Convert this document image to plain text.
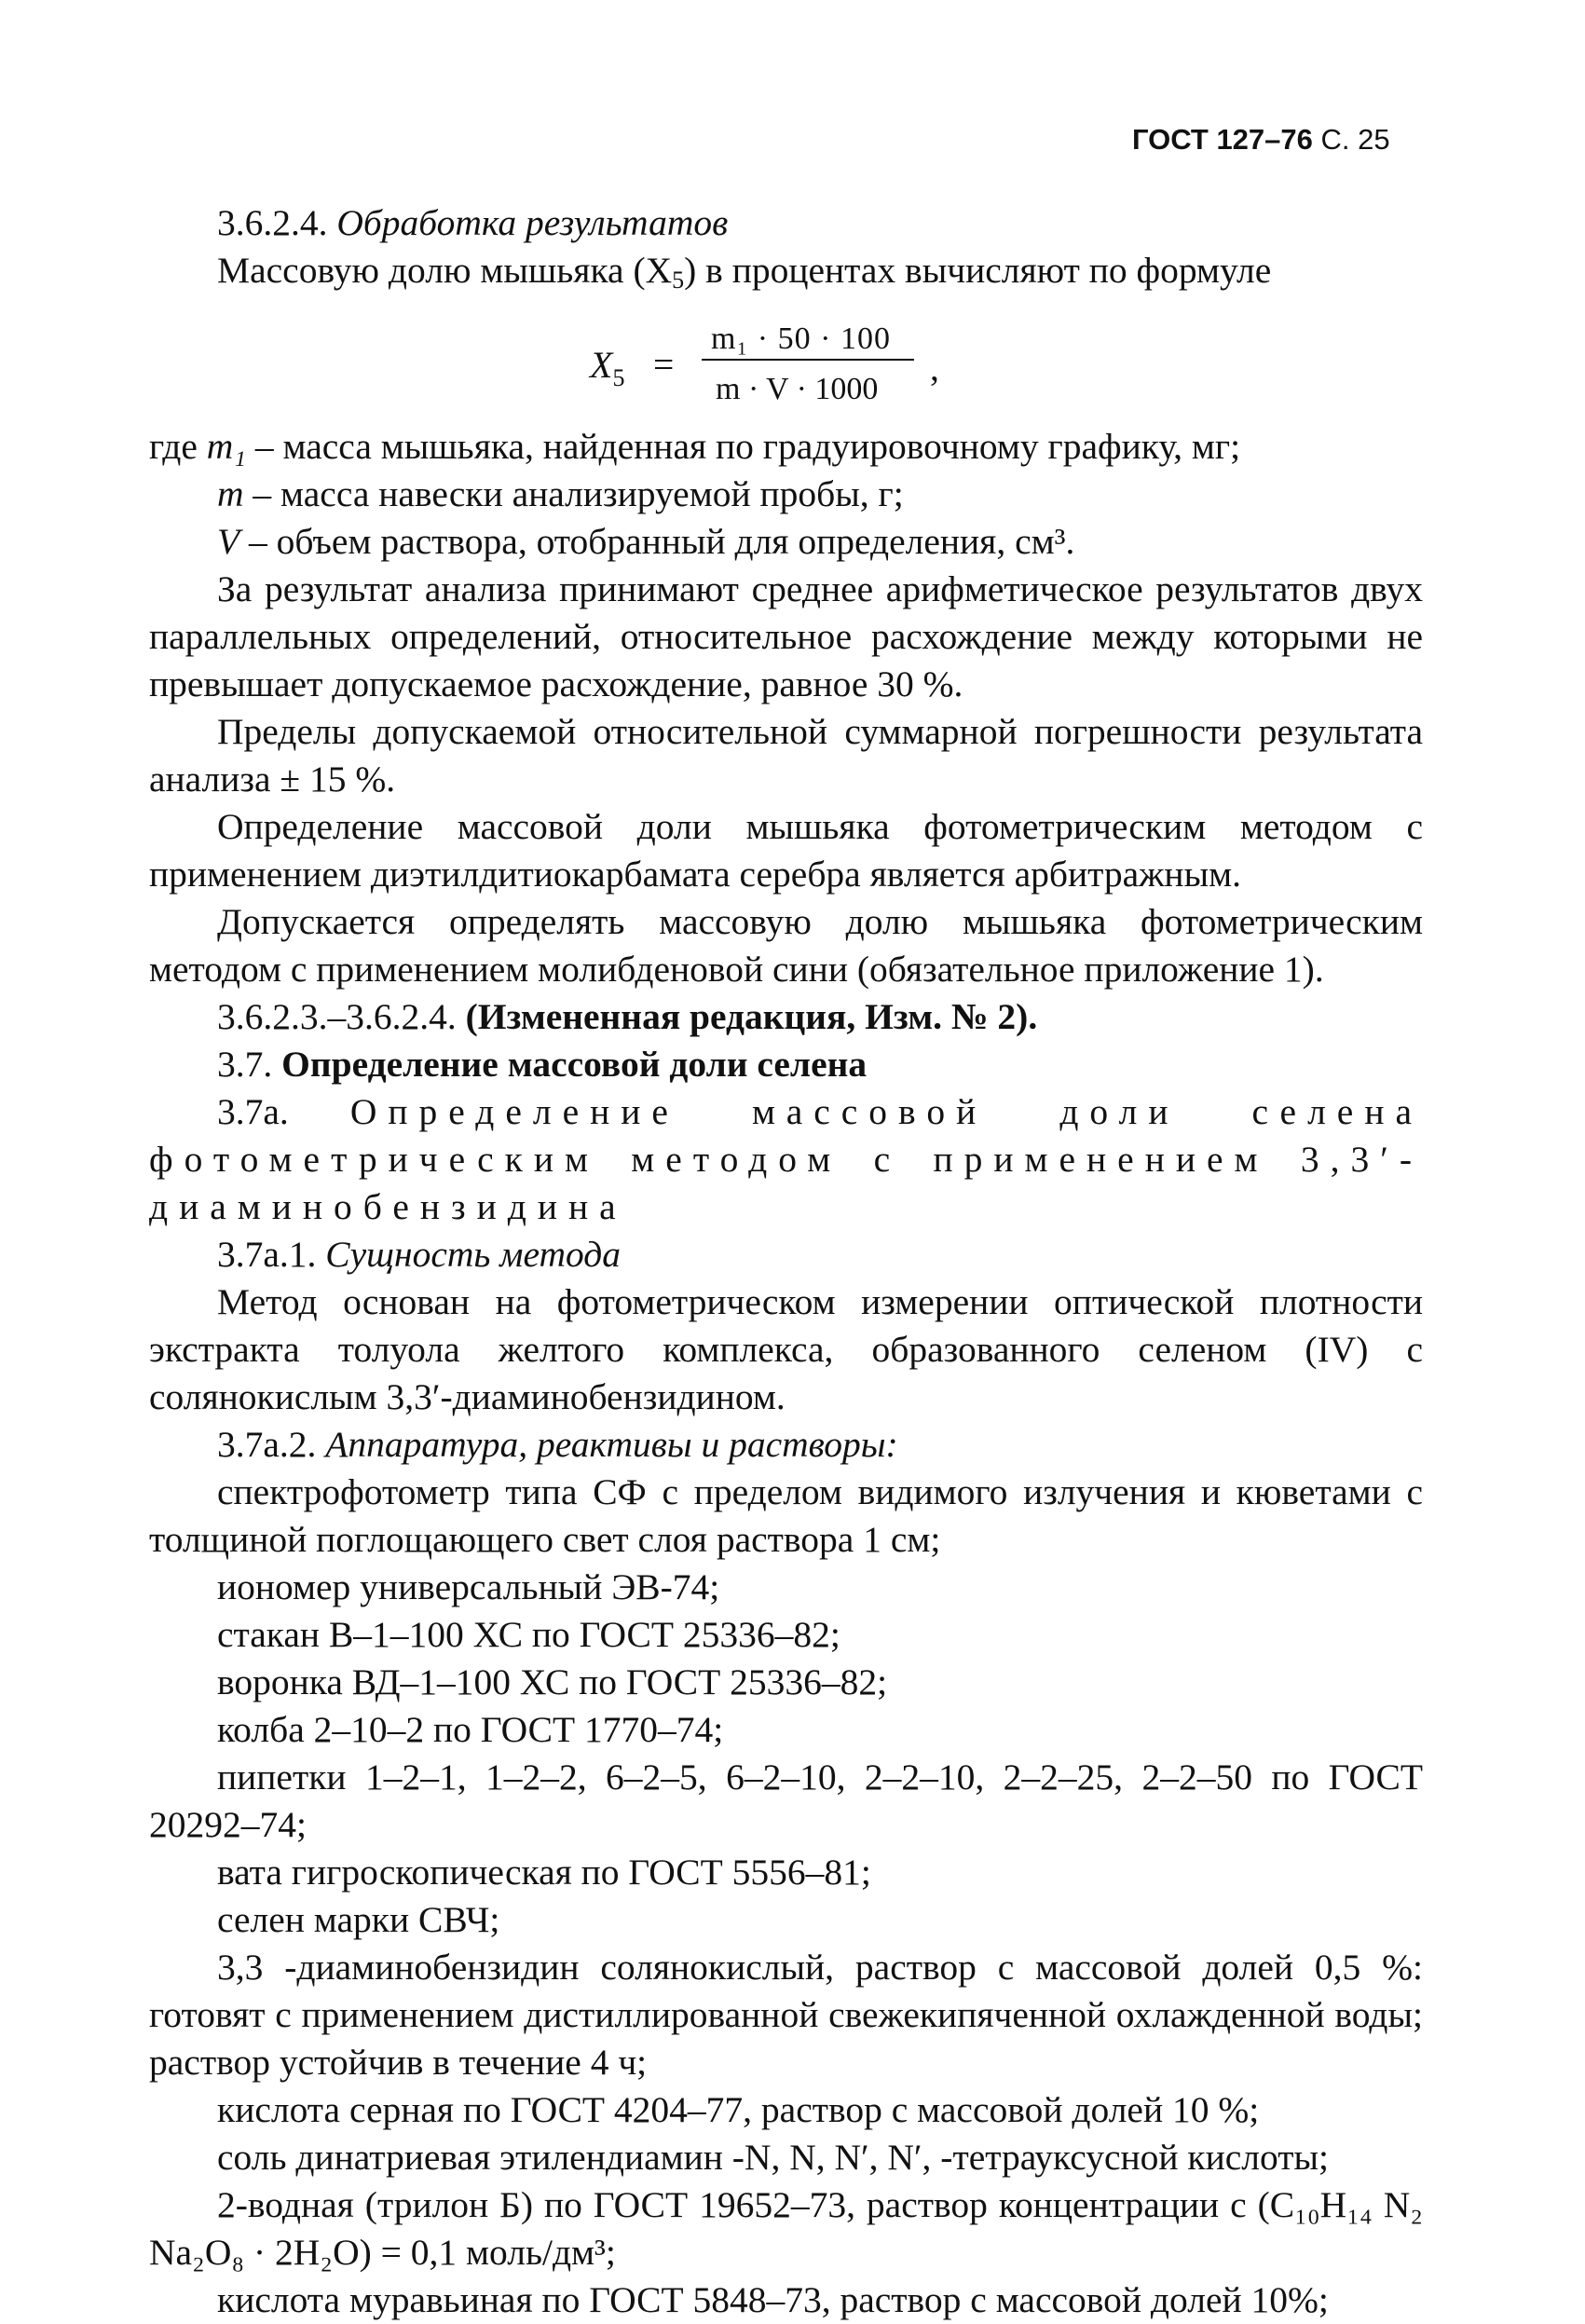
ГОСТ 127–76 С. 25

3.6.2.4. Обработка результатов

Массовую долю мышьяка $(X_5)$ в процентах вычисляют по формуле

$X_5$ =
m₁ · 50 · 100
m · V · 1000
,

где m₁ – масса мышьяка, найденная по градуировочному графику, мг;

m – масса навески анализируемой пробы, г;

V – объем раствора, отобранный для определения, см³.

За результат анализа принимают среднее арифметическое результатов двух параллельных определений, относительное расхождение между которыми не превышает допускаемое расхождение, равное 30 %.

Пределы допускаемой относительной суммарной погрешности результата анализа ± 15 %.

Определение массовой доли мышьяка фотометрическим методом с применением диэтилдитиокарбамата серебра является арбитражным.

Допускается определять массовую долю мышьяка фотометрическим методом с применением молибденовой сини (обязательное приложение 1).

3.6.2.3.–3.6.2.4. (Измененная редакция, Изм. № 2).

3.7. Определение массовой доли селена

3.7а. Определение массовой доли селена фотометрическим методом с применением 3,3′-диаминобензидина

3.7а.1. Сущность метода

Метод основан на фотометрическом измерении оптической плотности экстракта толуола желтого комплекса, образованного селеном (IV) с солянокислым 3,3′-диаминобензидином.

3.7а.2. Аппаратура, реактивы и растворы:

спектрофотометр типа СФ с пределом видимого излучения и кюветами с толщиной поглощающего свет слоя раствора 1 см;

иономер универсальный ЭВ-74;

стакан В–1–100 ХС по ГОСТ 25336–82;

воронка ВД–1–100 ХС по ГОСТ 25336–82;

колба 2–10–2 по ГОСТ 1770–74;

пипетки 1–2–1, 1–2–2, 6–2–5, 6–2–10, 2–2–10, 2–2–25, 2–2–50 по ГОСТ 20292–74;

вата гигроскопическая по ГОСТ 5556–81;

селен марки СВЧ;

3,3 -диаминобензидин солянокислый, раствор с массовой долей 0,5 %: готовят с применением дистиллированной свежекипяченной охлажденной воды; раствор устойчив в течение 4 ч;

кислота серная по ГОСТ 4204–77, раствор с массовой долей 10 %;

соль динатриевая этилендиамин -N, N, N′, N′, -тетрауксусной кислоты;

2-водная (трилон Б) по ГОСТ 19652–73, раствор концентрации c (C₁₀H₁₄ N₂ Na₂O₈ · 2H₂O) = 0,1 моль/дм³;

кислота муравьиная по ГОСТ 5848–73, раствор с массовой долей 10%;
